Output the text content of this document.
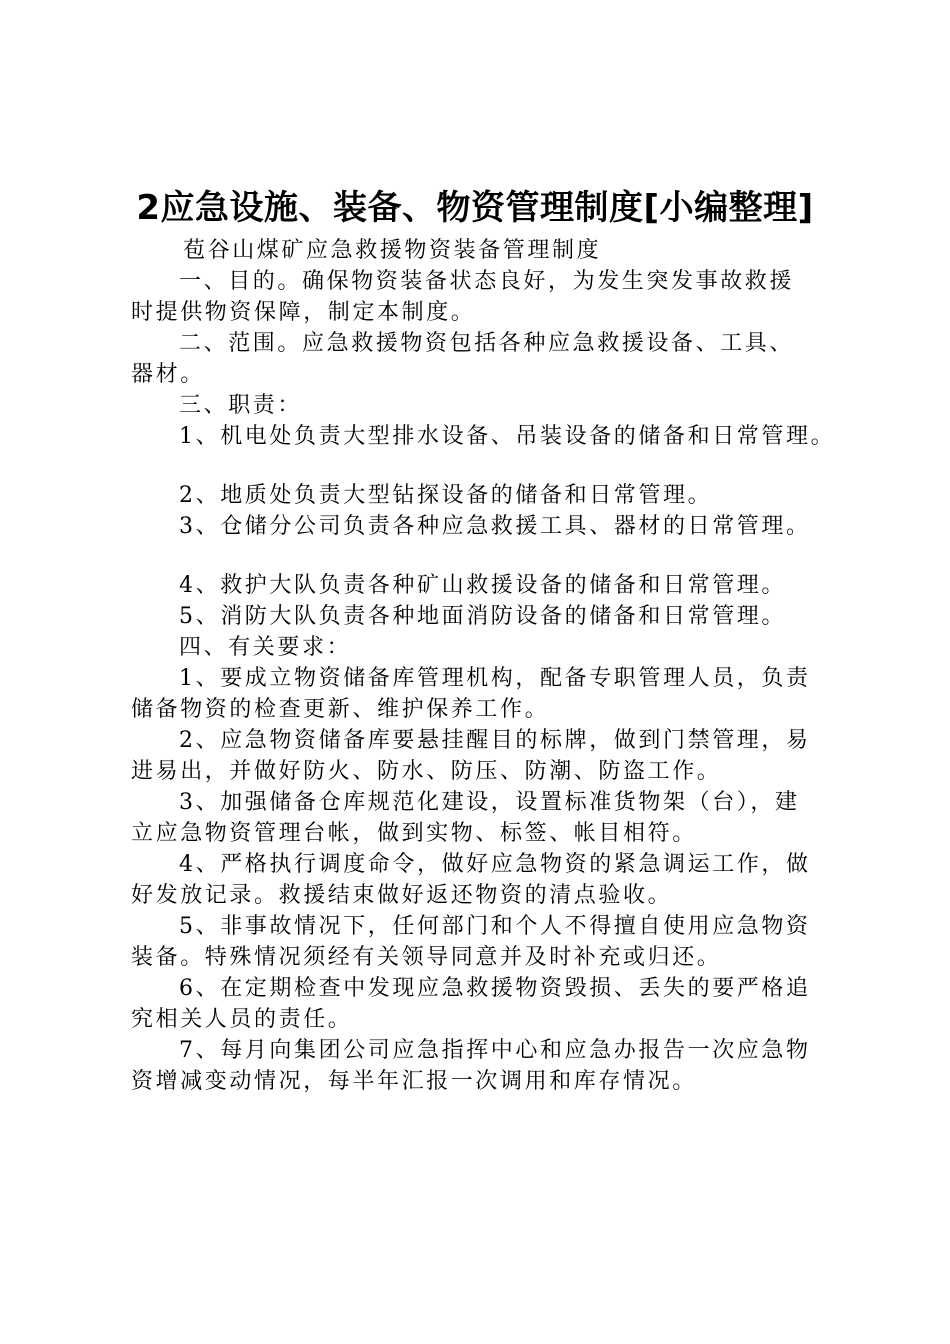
2应急设施、装备、物资管理制度[小编整理]
苞谷山煤矿应急救援物资装备管理制度
一、目的。确保物资装备状态良好，为发生突发事故救援
时提供物资保障，制定本制度。
二、范围。应急救援物资包括各种应急救援设备、工具、
器材。
三、职责：
1、机电处负责大型排水设备、吊装设备的储备和日常管理。
2、地质处负责大型钻探设备的储备和日常管理。
3、仓储分公司负责各种应急救援工具、器材的日常管理。
4、救护大队负责各种矿山救援设备的储备和日常管理。
5、消防大队负责各种地面消防设备的储备和日常管理。
四、有关要求：
1、要成立物资储备库管理机构，配备专职管理人员，负责
储备物资的检查更新、维护保养工作。
2、应急物资储备库要悬挂醒目的标牌，做到门禁管理，易
进易出，并做好防火、防水、防压、防潮、防盗工作。
3、加强储备仓库规范化建设，设置标准货物架（台），建
立应急物资管理台帐，做到实物、标签、帐目相符。
4、严格执行调度命令，做好应急物资的紧急调运工作，做
好发放记录。救援结束做好返还物资的清点验收。
5、非事故情况下，任何部门和个人不得擅自使用应急物资
装备。特殊情况须经有关领导同意并及时补充或归还。
6、在定期检查中发现应急救援物资毁损、丢失的要严格追
究相关人员的责任。
7、每月向集团公司应急指挥中心和应急办报告一次应急物
资增减变动情况，每半年汇报一次调用和库存情况。
